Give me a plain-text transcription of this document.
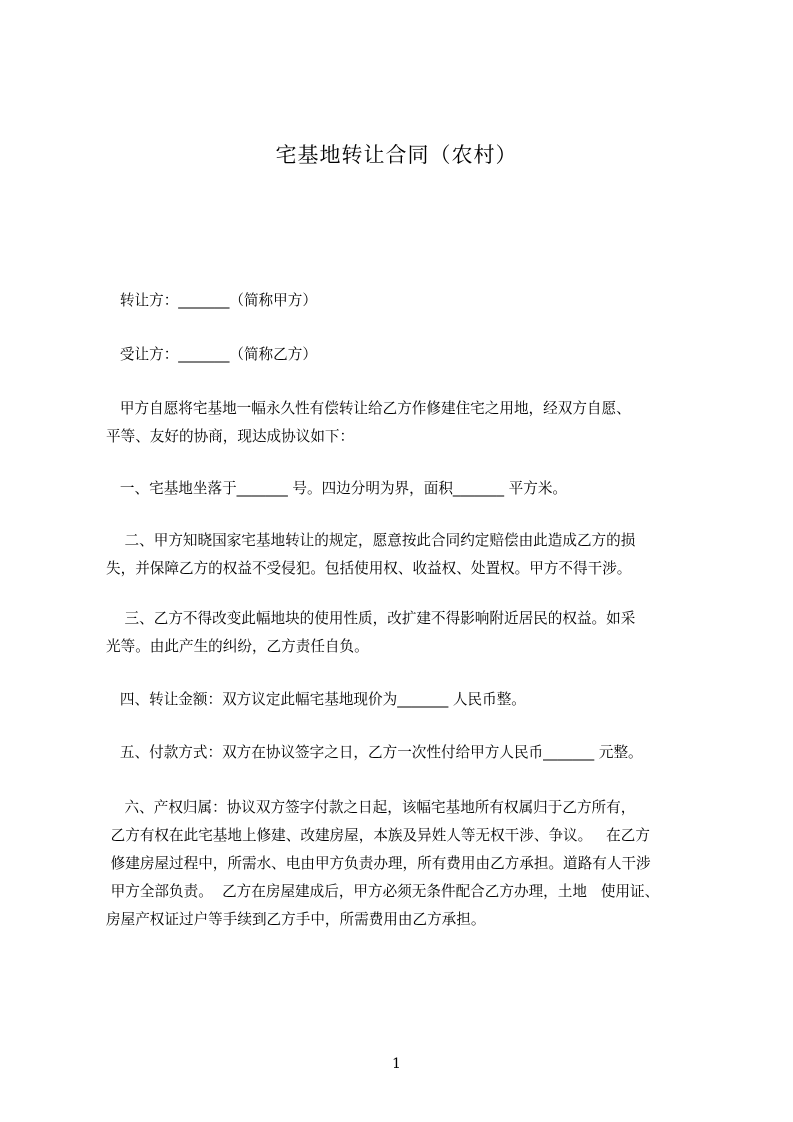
宅基地转让合同（农村）
转让方：_______（简称甲方）
受让方：_______（简称乙方）
甲方自愿将宅基地一幅永久性有偿转让给乙方作修建住宅之用地，经双方自愿、
平等、友好的协商，现达成协议如下：
一、宅基地坐落于_______ 号。四边分明为界，面积_______ 平方米。
二、甲方知晓国家宅基地转让的规定，愿意按此合同约定赔偿由此造成乙方的损
失，并保障乙方的权益不受侵犯。包括使用权、收益权、处置权。甲方不得干涉。
三、乙方不得改变此幅地块的使用性质，改扩建不得影响附近居民的权益。如采
光等。由此产生的纠纷，乙方责任自负。
四、转让金额：双方议定此幅宅基地现价为_______ 人民币整。
五、付款方式：双方在协议签字之日，乙方一次性付给甲方人民币_______ 元整。
六、产权归属：协议双方签字付款之日起，该幅宅基地所有权属归于乙方所有，
乙方有权在此宅基地上修建、改建房屋，本族及异姓人等无权干涉、争议。   在乙方
修建房屋过程中，所需水、电由甲方负责办理，所有费用由乙方承担。道路有人干涉
甲方全部负责。  乙方在房屋建成后，甲方必须无条件配合乙方办理，土地   使用证、
房屋产权证过户等手续到乙方手中，所需费用由乙方承担。
1
